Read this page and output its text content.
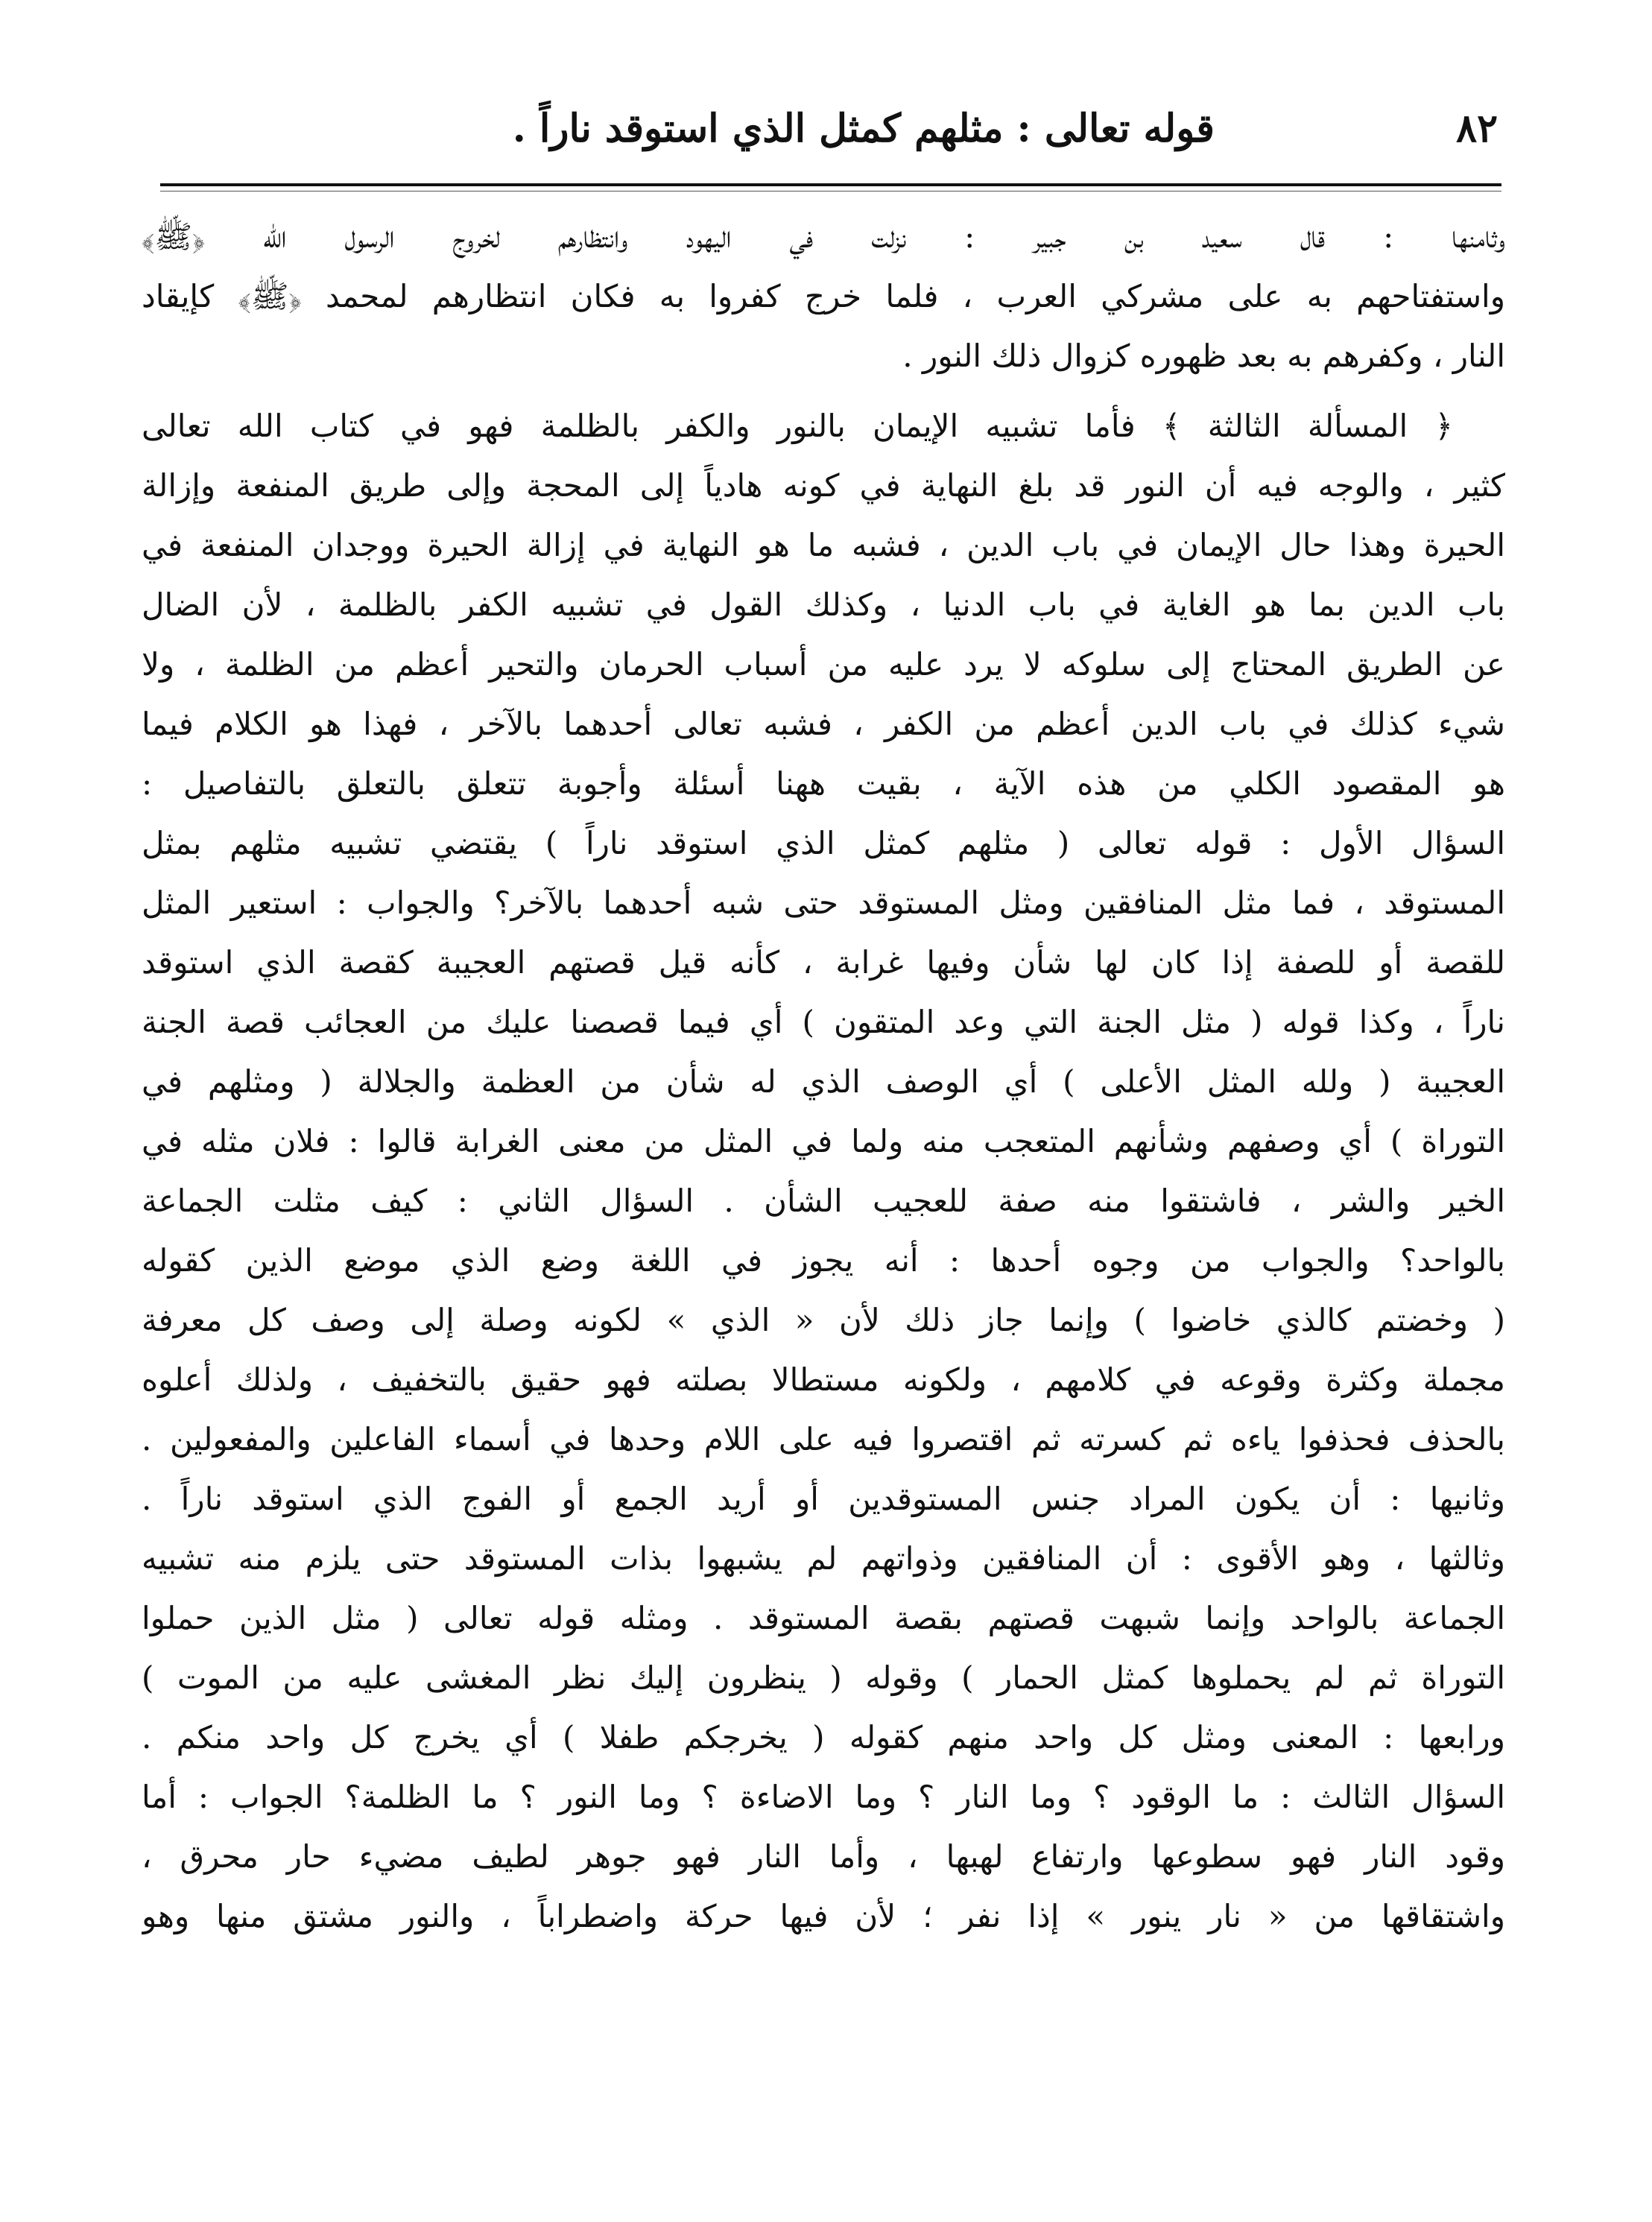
٨٢
قوله تعالى : مثلهم كمثل الذي استوقد ناراً .
وثامنها : قال سعيد بن جبير : نزلت في اليهود وانتظارهم لخروج الرسول الله ﴿ﷺ﴾
واستفتاحهم به على مشركي العرب ، فلما خرج كفروا به فكان انتظارهم لمحمد ﴿ﷺ﴾ كإيقاد
النار ، وكفرهم به بعد ظهوره كزوال ذلك النور .
﴿ المسألة الثالثة ﴾ فأما تشبيه الإيمان بالنور والكفر بالظلمة فهو في كتاب الله تعالى
كثير ، والوجه فيه أن النور قد بلغ النهاية في كونه هادياً إلى المحجة وإلى طريق المنفعة وإزالة
الحيرة وهذا حال الإيمان في باب الدين ، فشبه ما هو النهاية في إزالة الحيرة ووجدان المنفعة في
باب الدين بما هو الغاية في باب الدنيا ، وكذلك القول في تشبيه الكفر بالظلمة ، لأن الضال
عن الطريق المحتاج إلى سلوكه لا يرد عليه من أسباب الحرمان والتحير أعظم من الظلمة ، ولا
شيء كذلك في باب الدين أعظم من الكفر ، فشبه تعالى أحدهما بالآخر ، فهذا هو الكلام فيما
هو المقصود الكلي من هذه الآية ، بقيت ههنا أسئلة وأجوبة تتعلق بالتعلق بالتفاصيل :
السؤال الأول : قوله تعالى ( مثلهم كمثل الذي استوقد ناراً ) يقتضي تشبيه مثلهم بمثل
المستوقد ، فما مثل المنافقين ومثل المستوقد حتى شبه أحدهما بالآخر؟ والجواب : استعير المثل
للقصة أو للصفة إذا كان لها شأن وفيها غرابة ، كأنه قيل قصتهم العجيبة كقصة الذي استوقد
ناراً ، وكذا قوله ( مثل الجنة التي وعد المتقون ) أي فيما قصصنا عليك من العجائب قصة الجنة
العجيبة ( ولله المثل الأعلى ) أي الوصف الذي له شأن من العظمة والجلالة ( ومثلهم في
التوراة ) أي وصفهم وشأنهم المتعجب منه ولما في المثل من معنى الغرابة قالوا : فلان مثله في
الخير والشر ، فاشتقوا منه صفة للعجيب الشأن . السؤال الثاني : كيف مثلت الجماعة
بالواحد؟ والجواب من وجوه أحدها : أنه يجوز في اللغة وضع الذي موضع الذين كقوله
( وخضتم كالذي خاضوا ) وإنما جاز ذلك لأن « الذي » لكونه وصلة إلى وصف كل معرفة
مجملة وكثرة وقوعه في كلامهم ، ولكونه مستطالا بصلته فهو حقيق بالتخفيف ، ولذلك أعلوه
بالحذف فحذفوا ياءه ثم كسرته ثم اقتصروا فيه على اللام وحدها في أسماء الفاعلين والمفعولين .
وثانيها : أن يكون المراد جنس المستوقدين أو أريد الجمع أو الفوج الذي استوقد ناراً .
وثالثها ، وهو الأقوى : أن المنافقين وذواتهم لم يشبهوا بذات المستوقد حتى يلزم منه تشبيه
الجماعة بالواحد وإنما شبهت قصتهم بقصة المستوقد . ومثله قوله تعالى ( مثل الذين حملوا
التوراة ثم لم يحملوها كمثل الحمار ) وقوله ( ينظرون إليك نظر المغشى عليه من الموت )
ورابعها : المعنى ومثل كل واحد منهم كقوله ( يخرجكم طفلا ) أي يخرج كل واحد منكم .
السؤال الثالث : ما الوقود ؟ وما النار ؟ وما الاضاءة ؟ وما النور ؟ ما الظلمة؟ الجواب : أما
وقود النار فهو سطوعها وارتفاع لهبها ، وأما النار فهو جوهر لطيف مضيء حار محرق ،
واشتقاقها من « نار ينور » إذا نفر ؛ لأن فيها حركة واضطراباً ، والنور مشتق منها وهو
